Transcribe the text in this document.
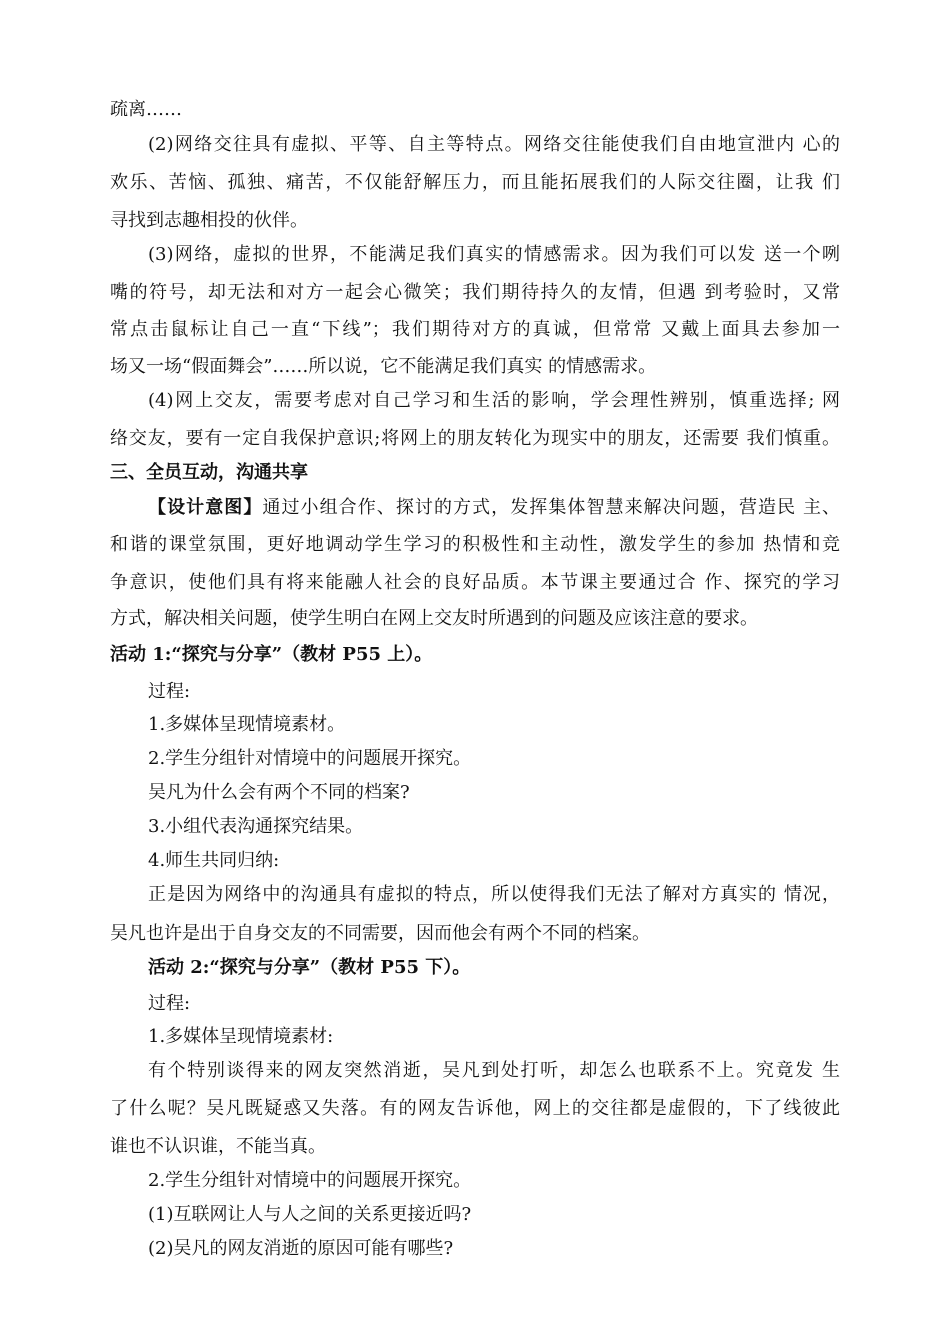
疏离……
(2)网络交往具有虚拟、平等、自主等特点。网络交往能使我们自由地宣泄内 心的
欢乐、苦恼、孤独、痛苦，不仅能舒解压力，而且能拓展我们的人际交往圈，让我 们
寻找到志趣相投的伙伴。
(3)网络，虚拟的世界，不能满足我们真实的情感需求。因为我们可以发 送一个咧
嘴的符号，却无法和对方一起会心微笑；我们期待持久的友情，但遇 到考验时，又常
常点击鼠标让自己一直“下线”；我们期待对方的真诚，但常常 又戴上面具去参加一
场又一场“假面舞会”……所以说，它不能满足我们真实 的情感需求。
(4)网上交友，需要考虑对自己学习和生活的影响，学会理性辨别，慎重选择; 网
络交友，要有一定自我保护意识;将网上的朋友转化为现实中的朋友，还需要 我们慎重。
三、全员互动，沟通共享
【设计意图】通过小组合作、探讨的方式，发挥集体智慧来解决问题，营造民 主、
和谐的课堂氛围，更好地调动学生学习的积极性和主动性，激发学生的参加 热情和竞
争意识，使他们具有将来能融人社会的良好品质。本节课主要通过合 作、探究的学习
方式，解决相关问题，使学生明白在网上交友时所遇到的问题及应该注意的要求。
活动 1:“探究与分享”（教材 P55 上）。
过程:
1.多媒体呈现情境素材。
2.学生分组针对情境中的问题展开探究。
吴凡为什么会有两个不同的档案?
3.小组代表沟通探究结果。
4.师生共同归纳:
正是因为网络中的沟通具有虚拟的特点，所以使得我们无法了解对方真实的 情况，
吴凡也许是出于自身交友的不同需要，因而他会有两个不同的档案。
活动 2:“探究与分享”（教材 P55 下）。
过程:
1.多媒体呈现情境素材:
有个特别谈得来的网友突然消逝，吴凡到处打听，却怎么也联系不上。究竟发 生
了什么呢？吴凡既疑惑又失落。有的网友告诉他，网上的交往都是虚假的，下了线彼此
谁也不认识谁，不能当真。
2.学生分组针对情境中的问题展开探究。
(1)互联网让人与人之间的关系更接近吗?
(2)吴凡的网友消逝的原因可能有哪些?
